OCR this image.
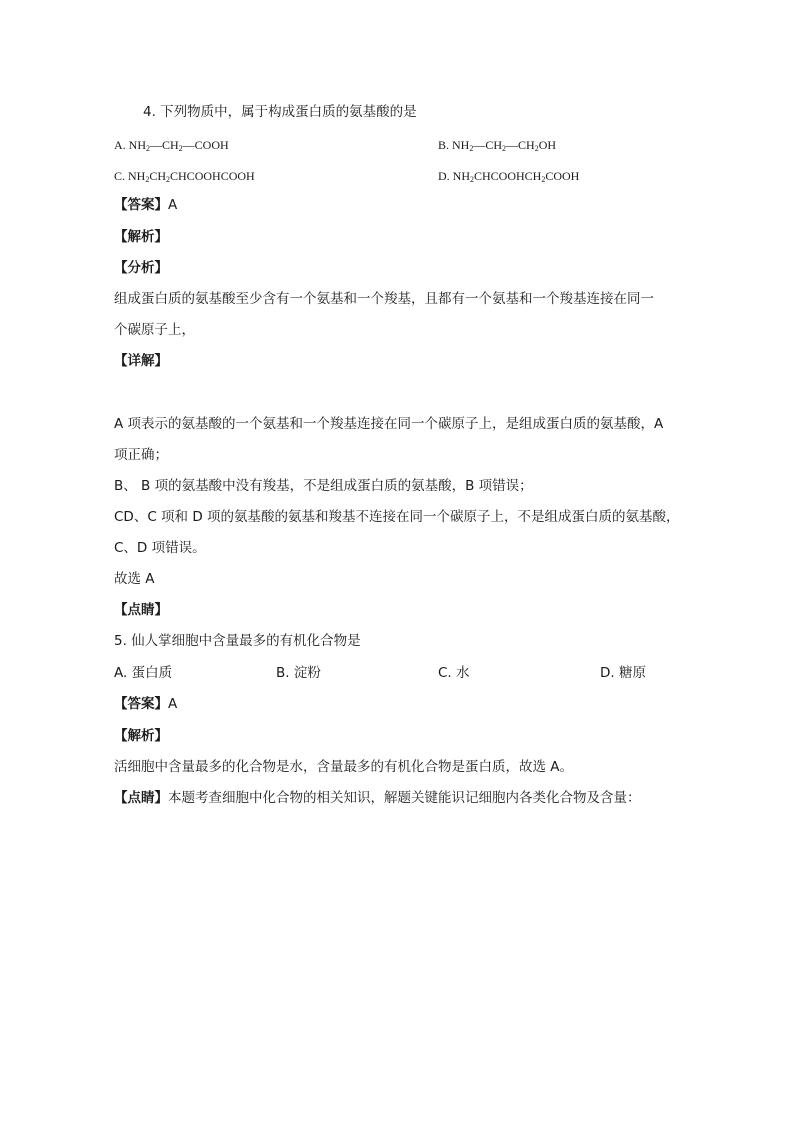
4. 下列物质中，属于构成蛋白质的氨基酸的是
A. $NH_2—CH_2—COOH$	B. $NH_2—CH_2—CH_2OH$
C. $NH_2CH_2CHCOOHCOOH$	D. $NH_2CHCOOHCH_2COOH$
【答案】A
【解析】
【分析】
组成蛋白质的氨基酸至少含有一个氨基和一个羧基，且都有一个氨基和一个羧基连接在同一
个碳原子上，
【详解】
A 项表示的氨基酸的一个氨基和一个羧基连接在同一个碳原子上，是组成蛋白质的氨基酸，A
项正确；
B、 B 项的氨基酸中没有羧基，不是组成蛋白质的氨基酸，B 项错误；
CD、C 项和 D 项的氨基酸的氨基和羧基不连接在同一个碳原子上，不是组成蛋白质的氨基酸，
C、D 项错误。
故选 A
【点睛】
5. 仙人掌细胞中含量最多的有机化合物是
A. 蛋白质	B. 淀粉	C. 水	D. 糖原
【答案】A
【解析】
活细胞中含量最多的化合物是水，含量最多的有机化合物是蛋白质，故选 A。
【点睛】本题考查细胞中化合物的相关知识，解题关键能识记细胞内各类化合物及含量：
